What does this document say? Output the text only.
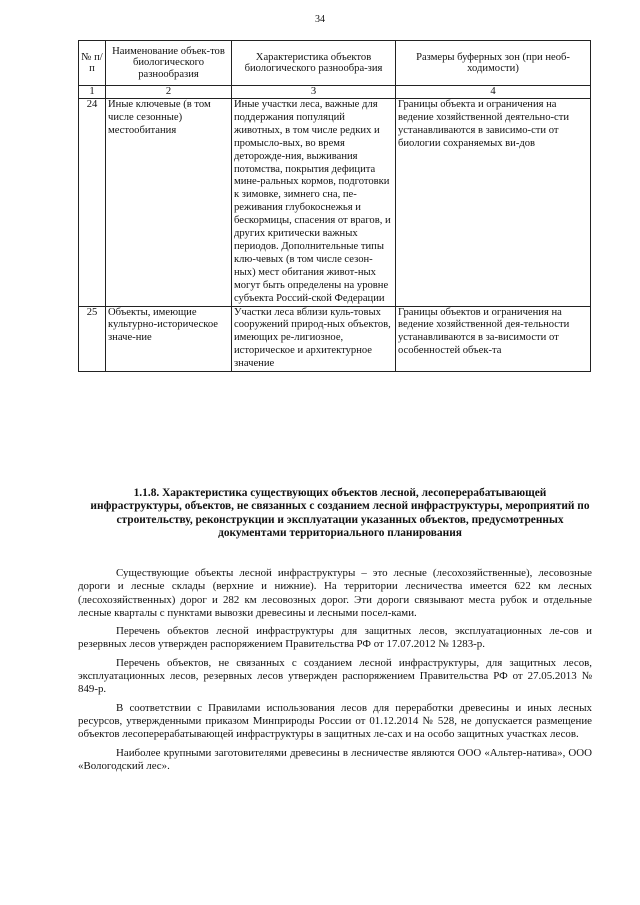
34
№ п/п	Наименование объек-тов биологического разнообразия	Характеристика объектов биологического разнообра-зия	Размеры буферных зон (при необ-ходимости)
1	2	3	4
24	Иные ключевые (в том числе сезонные) местообитания	Иные участки леса, важные для поддержания популяций животных, в том числе редких и промысло-вых, во время деторожде-ния, выживания потомства, покрытия дефицита мине-ральных кормов, подготовки к зимовке, зимнего сна, пе-реживания глубокоснежья и бескормицы, спасения от врагов, и других критически важных периодов. Дополнительные типы клю-чевых (в том числе сезон-ных) мест обитания живот-ных могут быть определены на уровне субъекта Россий-ской Федерации	Границы объекта и ограничения на ведение хозяйственной деятельно-сти устанавливаются в зависимо-сти от биологии сохраняемых ви-дов
25	Объекты, имеющие культурно-историческое значе-ние	Участки леса вблизи куль-товых сооружений природ-ных объектов, имеющих ре-лигиозное, историческое и архитектурное значение	Границы объектов и ограничения на ведение хозяйственной дея-тельности устанавливаются в за-висимости от особенностей объек-та
1.1.8. Характеристика существующих объектов лесной, лесоперерабатывающей инфраструктуры, объектов, не связанных с созданием лесной инфраструктуры, мероприятий по строительству, реконструкции и эксплуатации указанных объектов, предусмотренных документами территориального планирования

Существующие объекты лесной инфраструктуры – это лесные (лесохозяйственные), лесовозные дороги и лесные склады (верхние и нижние). На территории лесничества имеется 622 км лесных (лесохозяйственных) дорог и 282 км лесовозных дорог. Эти дороги связывают места рубок и отдельные лесные кварталы с пунктами вывозки древесины и лесными посел-ками.

Перечень объектов лесной инфраструктуры для защитных лесов, эксплуатационных ле-сов и резервных лесов утвержден распоряжением Правительства РФ от 17.07.2012 № 1283-р.

Перечень объектов, не связанных с созданием лесной инфраструктуры, для защитных лесов, эксплуатационных лесов, резервных лесов утвержден распоряжением Правительства РФ от 27.05.2013 № 849-р.

В соответствии с Правилами использования лесов для переработки древесины и иных лесных ресурсов, утвержденными приказом Минприроды России от 01.12.2014 № 528, не допускается размещение объектов лесоперерабатывающей инфраструктуры в защитных ле-сах и на особо защитных участках лесов.

Наиболее крупными заготовителями древесины в лесничестве являются ООО «Альтер-натива», ООО «Вологодский лес».
